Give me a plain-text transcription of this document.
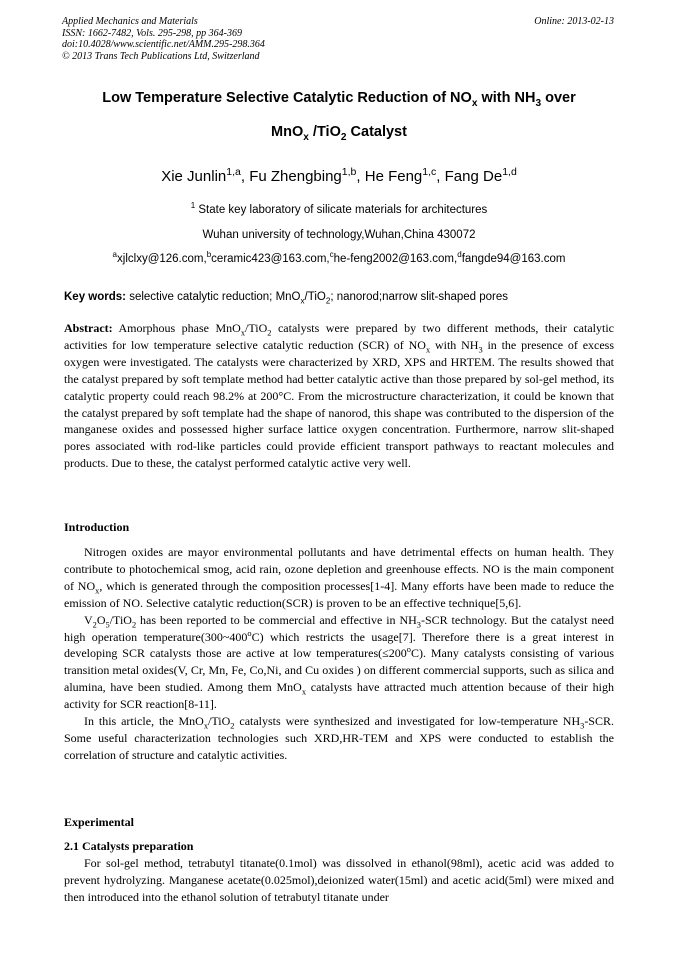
Applied Mechanics and Materials
ISSN: 1662-7482, Vols. 295-298, pp 364-369
doi:10.4028/www.scientific.net/AMM.295-298.364
© 2013 Trans Tech Publications Ltd, Switzerland
Online: 2013-02-13
Low Temperature Selective Catalytic Reduction of $NO_x$ with $NH_3$ over
MnO$_x$ /TiO$_2$ Catalyst
Xie Junlin$^{1,a}$, Fu Zhengbing$^{1,b}$, He Feng$^{1,c}$, Fang De$^{1,d}$
$^1$ State key laboratory of silicate materials for architectures
Wuhan university of technology,Wuhan,China 430072
$^a$xjlclxy@126.com,$^b$ceramic423@163.com,$^c$he-feng2002@163.com,$^d$fangde94@163.com
Key words: selective catalytic reduction; MnO$_x$/TiO$_2$; nanorod;narrow slit-shaped pores

Abstract: Amorphous phase MnO$_x$/TiO$_2$ catalysts were prepared by two different methods, their catalytic activities for low temperature selective catalytic reduction (SCR) of $NO_x$ with $NH_3$ in the presence of excess oxygen were investigated. The catalysts were characterized by XRD, XPS and HRTEM. The results showed that the catalyst prepared by soft template method had better catalytic active than those prepared by sol-gel method, its catalytic property could reach 98.2% at 200°C. From the microstructure characterization, it could be known that the catalyst prepared by soft template had the shape of nanorod, this shape was contributed to the dispersion of the manganese oxides and possessed higher surface lattice oxygen concentration. Furthermore, narrow slit-shaped pores associated with rod-like particles could provide efficient transport pathways to reactant molecules and products. Due to these, the catalyst performed catalytic active very well.

Introduction

Nitrogen oxides are mayor environmental pollutants and have detrimental effects on human health. They contribute to photochemical smog, acid rain, ozone depletion and greenhouse effects. NO is the main component of $NO_x$, which is generated through the composition processes[1-4]. Many efforts have been made to reduce the emission of NO. Selective catalytic reduction(SCR) is proven to be an effective technique[5,6].

$V_2O_5/TiO_2$ has been reported to be commercial and effective in $NH_3$-SCR technology. But the catalyst need high operation temperature(300~400$^o$C) which restricts the usage[7]. Therefore there is a great interest in developing SCR catalysts those are active at low $temperatures(\le 200^oC)$. Many catalysts consisting of various transition metal oxides(V, Cr, Mn, Fe, Co,Ni, and Cu oxides ) on different commercial supports, such as silica and alumina, have been studied. Among them MnO$_x$ catalysts have attracted much attention because of their high activity for SCR reaction[8-11].

In this article, the MnO$_x$/TiO$_2$ catalysts were synthesized and investigated for low-temperature $NH_3$-SCR. Some useful characterization technologies such XRD,HR-TEM and XPS were conducted to establish the correlation of structure and catalytic activities.

Experimental
2.1 Catalysts preparation

For sol-gel method, tetrabutyl titanate(0.1mol) was dissolved in ethanol(98ml), acetic acid was added to prevent hydrolyzing. Manganese acetate(0.025mol),deionized water(15ml) and acetic acid(5ml) were mixed and then introduced into the ethanol solution of tetrabutyl titanate under
